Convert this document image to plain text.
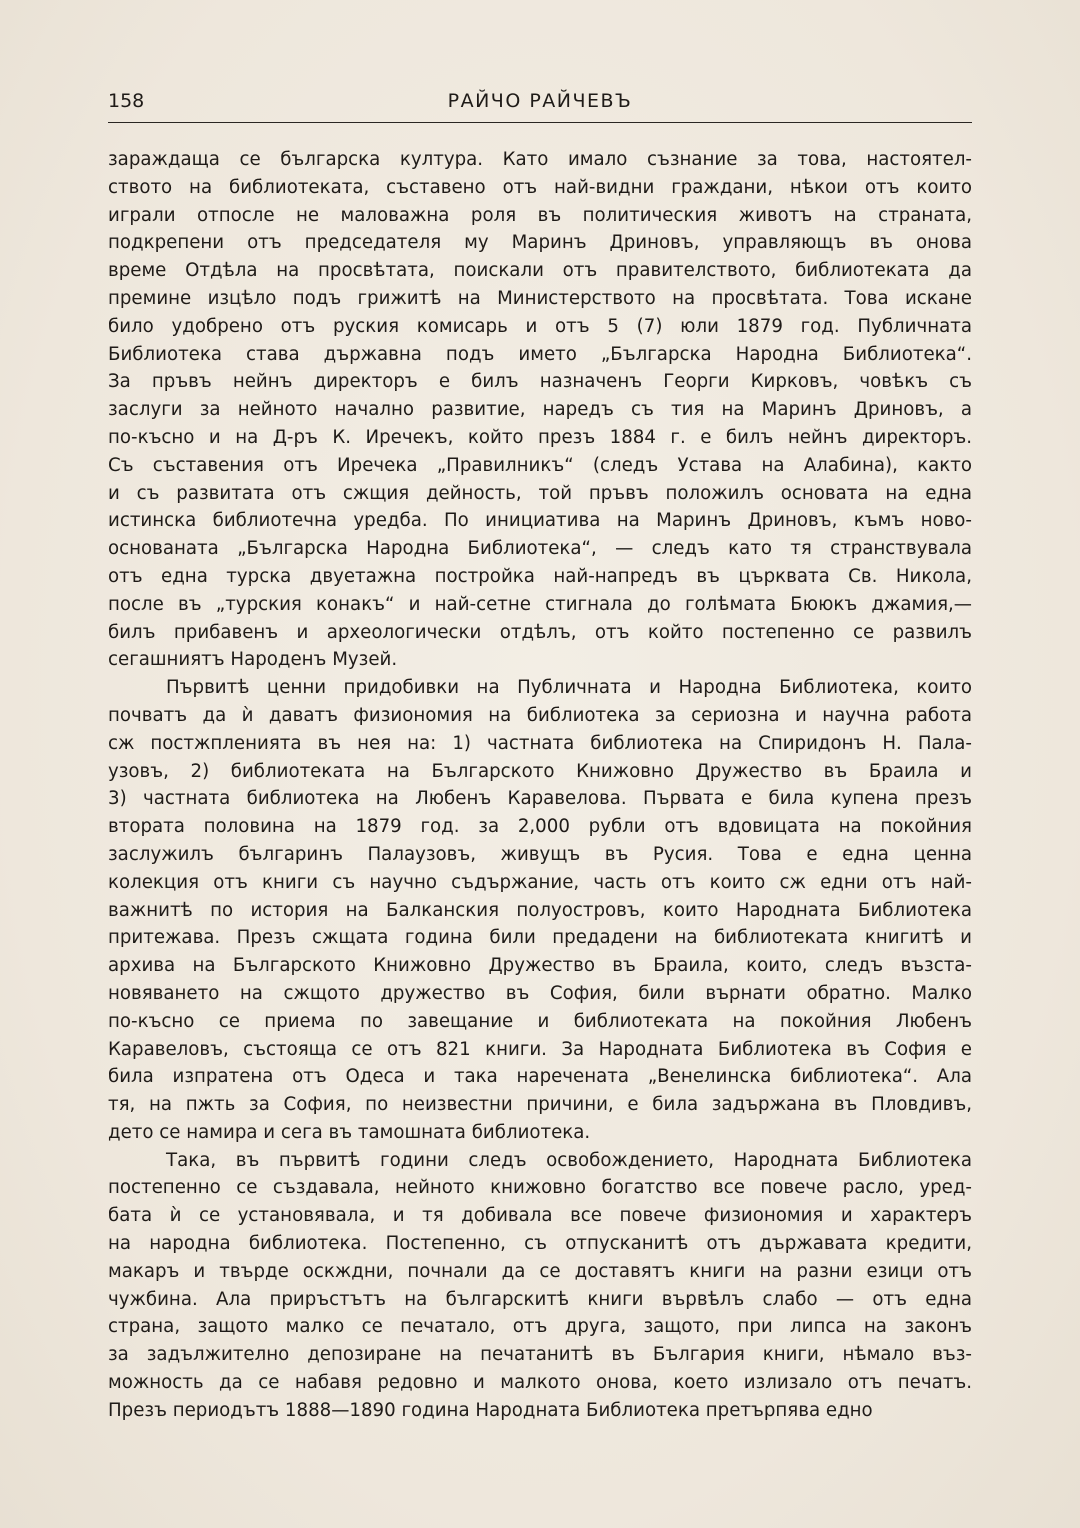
158	РАЙЧО РАЙЧЕВЪ
зараждаща се българска култура. Като имало съзнание за това, настоятел-
ството на библиотеката, съставено отъ най-видни граждани, нѣкои отъ които
играли отпосле не маловажна роля въ политическия животъ на страната,
подкрепени отъ председателя му Маринъ Дриновъ, управляющъ въ онова
време Отдѣла на просвѣтата, поискали отъ правителството, библиотеката да
премине изцѣло подъ грижитѣ на Министерството на просвѣтата. Това искане
било удобрено отъ руския комисарь и отъ 5 (7) юли 1879 год. Публичната
Библиотека става държавна подъ името „Българска Народна Библиотека“.
За пръвъ нейнъ директоръ е билъ назначенъ Георги Кирковъ, човѣкъ съ
заслуги за нейното начално развитие, наредъ съ тия на Маринъ Дриновъ, а
по-късно и на Д-ръ К. Иречекъ, който презъ 1884 г. е билъ нейнъ директоръ.
Съ съставения отъ Иречека „Правилникъ“ (следъ Устава на Алабина), както
и съ развитата отъ сжщия дейность, той пръвъ положилъ основата на една
истинска библиотечна уредба. По инициатива на Маринъ Дриновъ, къмъ ново-
основаната „Българска Народна Библиотека“, — следъ като тя странствувала
отъ една турска двуетажна постройка най-напредъ въ църквата Св. Никола,
после въ „турския конакъ“ и най-сетне стигнала до голѣмата Бююкъ джамия,—
билъ прибавенъ и археологически отдѣлъ, отъ който постепенно се развилъ
сегашниятъ Народенъ Музей.
Първитѣ ценни придобивки на Публичната и Народна Библиотека, които
почватъ да ѝ даватъ физиономия на библиотека за сериозна и научна работа
сж постжпленията въ нея на: 1) частната библиотека на Спиридонъ Н. Пала-
узовъ, 2) библиотеката на Българското Книжовно Дружество въ Браила и
3) частната библиотека на Любенъ Каравелова. Първата е била купена презъ
втората половина на 1879 год. за 2,000 рубли отъ вдовицата на покойния
заслужилъ българинъ Палаузовъ, живущъ въ Русия. Това е една ценна
колекция отъ книги съ научно съдържание, часть отъ които сж едни отъ най-
важнитѣ по история на Балканския полуостровъ, които Народната Библиотека
притежава. Презъ сжщата година били предадени на библиотеката книгитѣ и
архива на Българското Книжовно Дружество въ Браила, които, следъ възста-
новяването на сжщото дружество въ София, били върнати обратно. Малко
по-късно се приема по завещание и библиотеката на покойния Любенъ
Каравеловъ, състояща се отъ 821 книги. За Народната Библиотека въ София е
била изпратена отъ Одеса и така наречената „Венелинска библиотека“. Ала
тя, на пжть за София, по неизвестни причини, е била задържана въ Пловдивъ,
дето се намира и сега въ тамошната библиотека.
Така, въ първитѣ години следъ освобождението, Народната Библиотека
постепенно се създавала, нейното книжовно богатство все повече расло, уред-
бата ѝ се установявала, и тя добивала все повече физиономия и характеръ
на народна библиотека. Постепенно, съ отпусканитѣ отъ държавата кредити,
макаръ и твърде оскждни, почнали да се доставятъ книги на разни езици отъ
чужбина. Ала приръстътъ на българскитѣ книги вървѣлъ слабо — отъ една
страна, защото малко се печатало, отъ друга, защото, при липса на законъ
за задължително депозиране на печатанитѣ въ България книги, нѣмало въз-
можность да се набавя редовно и малкото онова, което излизало отъ печатъ.
Презъ периодътъ 1888—1890 година Народната Библиотека претърпява едно
